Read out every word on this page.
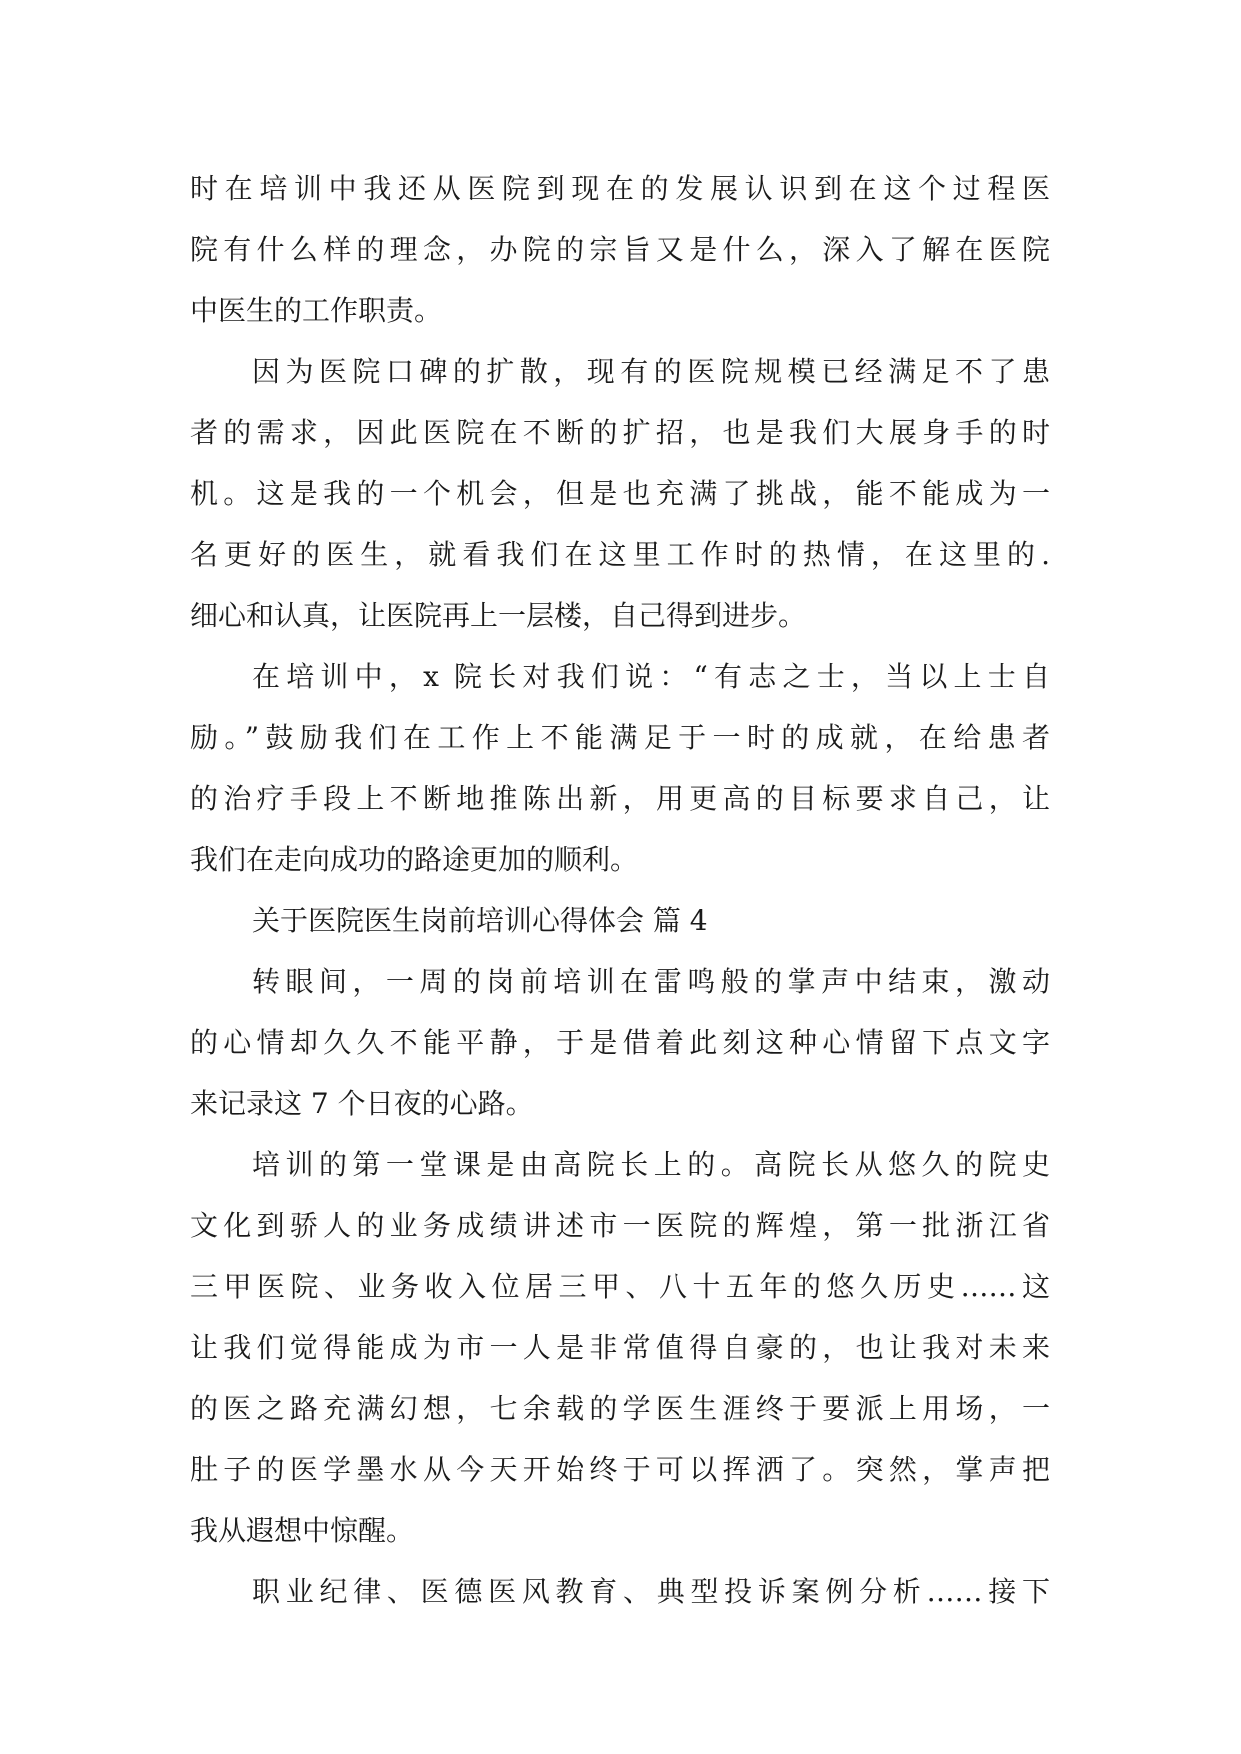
时在培训中我还从医院到现在的发展认识到在这个过程医
院有什么样的理念，办院的宗旨又是什么，深入了解在医院
中医生的工作职责。
因为医院口碑的扩散，现有的医院规模已经满足不了患
者的需求，因此医院在不断的扩招，也是我们大展身手的时
机。这是我的一个机会，但是也充满了挑战，能不能成为一
名更好的医生，就看我们在这里工作时的热情，在这里的.
细心和认真，让医院再上一层楼，自己得到进步。
在培训中，x 院长对我们说：“有志之士，当以上士自
励。”鼓励我们在工作上不能满足于一时的成就，在给患者
的治疗手段上不断地推陈出新，用更高的目标要求自己，让
我们在走向成功的路途更加的顺利。
关于医院医生岗前培训心得体会 篇 4
转眼间，一周的岗前培训在雷鸣般的掌声中结束，激动
的心情却久久不能平静，于是借着此刻这种心情留下点文字
来记录这 7 个日夜的心路。
培训的第一堂课是由高院长上的。高院长从悠久的院史
文化到骄人的业务成绩讲述市一医院的辉煌，第一批浙江省
三甲医院、业务收入位居三甲、八十五年的悠久历史……这
让我们觉得能成为市一人是非常值得自豪的，也让我对未来
的医之路充满幻想，七余载的学医生涯终于要派上用场，一
肚子的医学墨水从今天开始终于可以挥洒了。突然，掌声把
我从遐想中惊醒。
职业纪律、医德医风教育、典型投诉案例分析……接下
